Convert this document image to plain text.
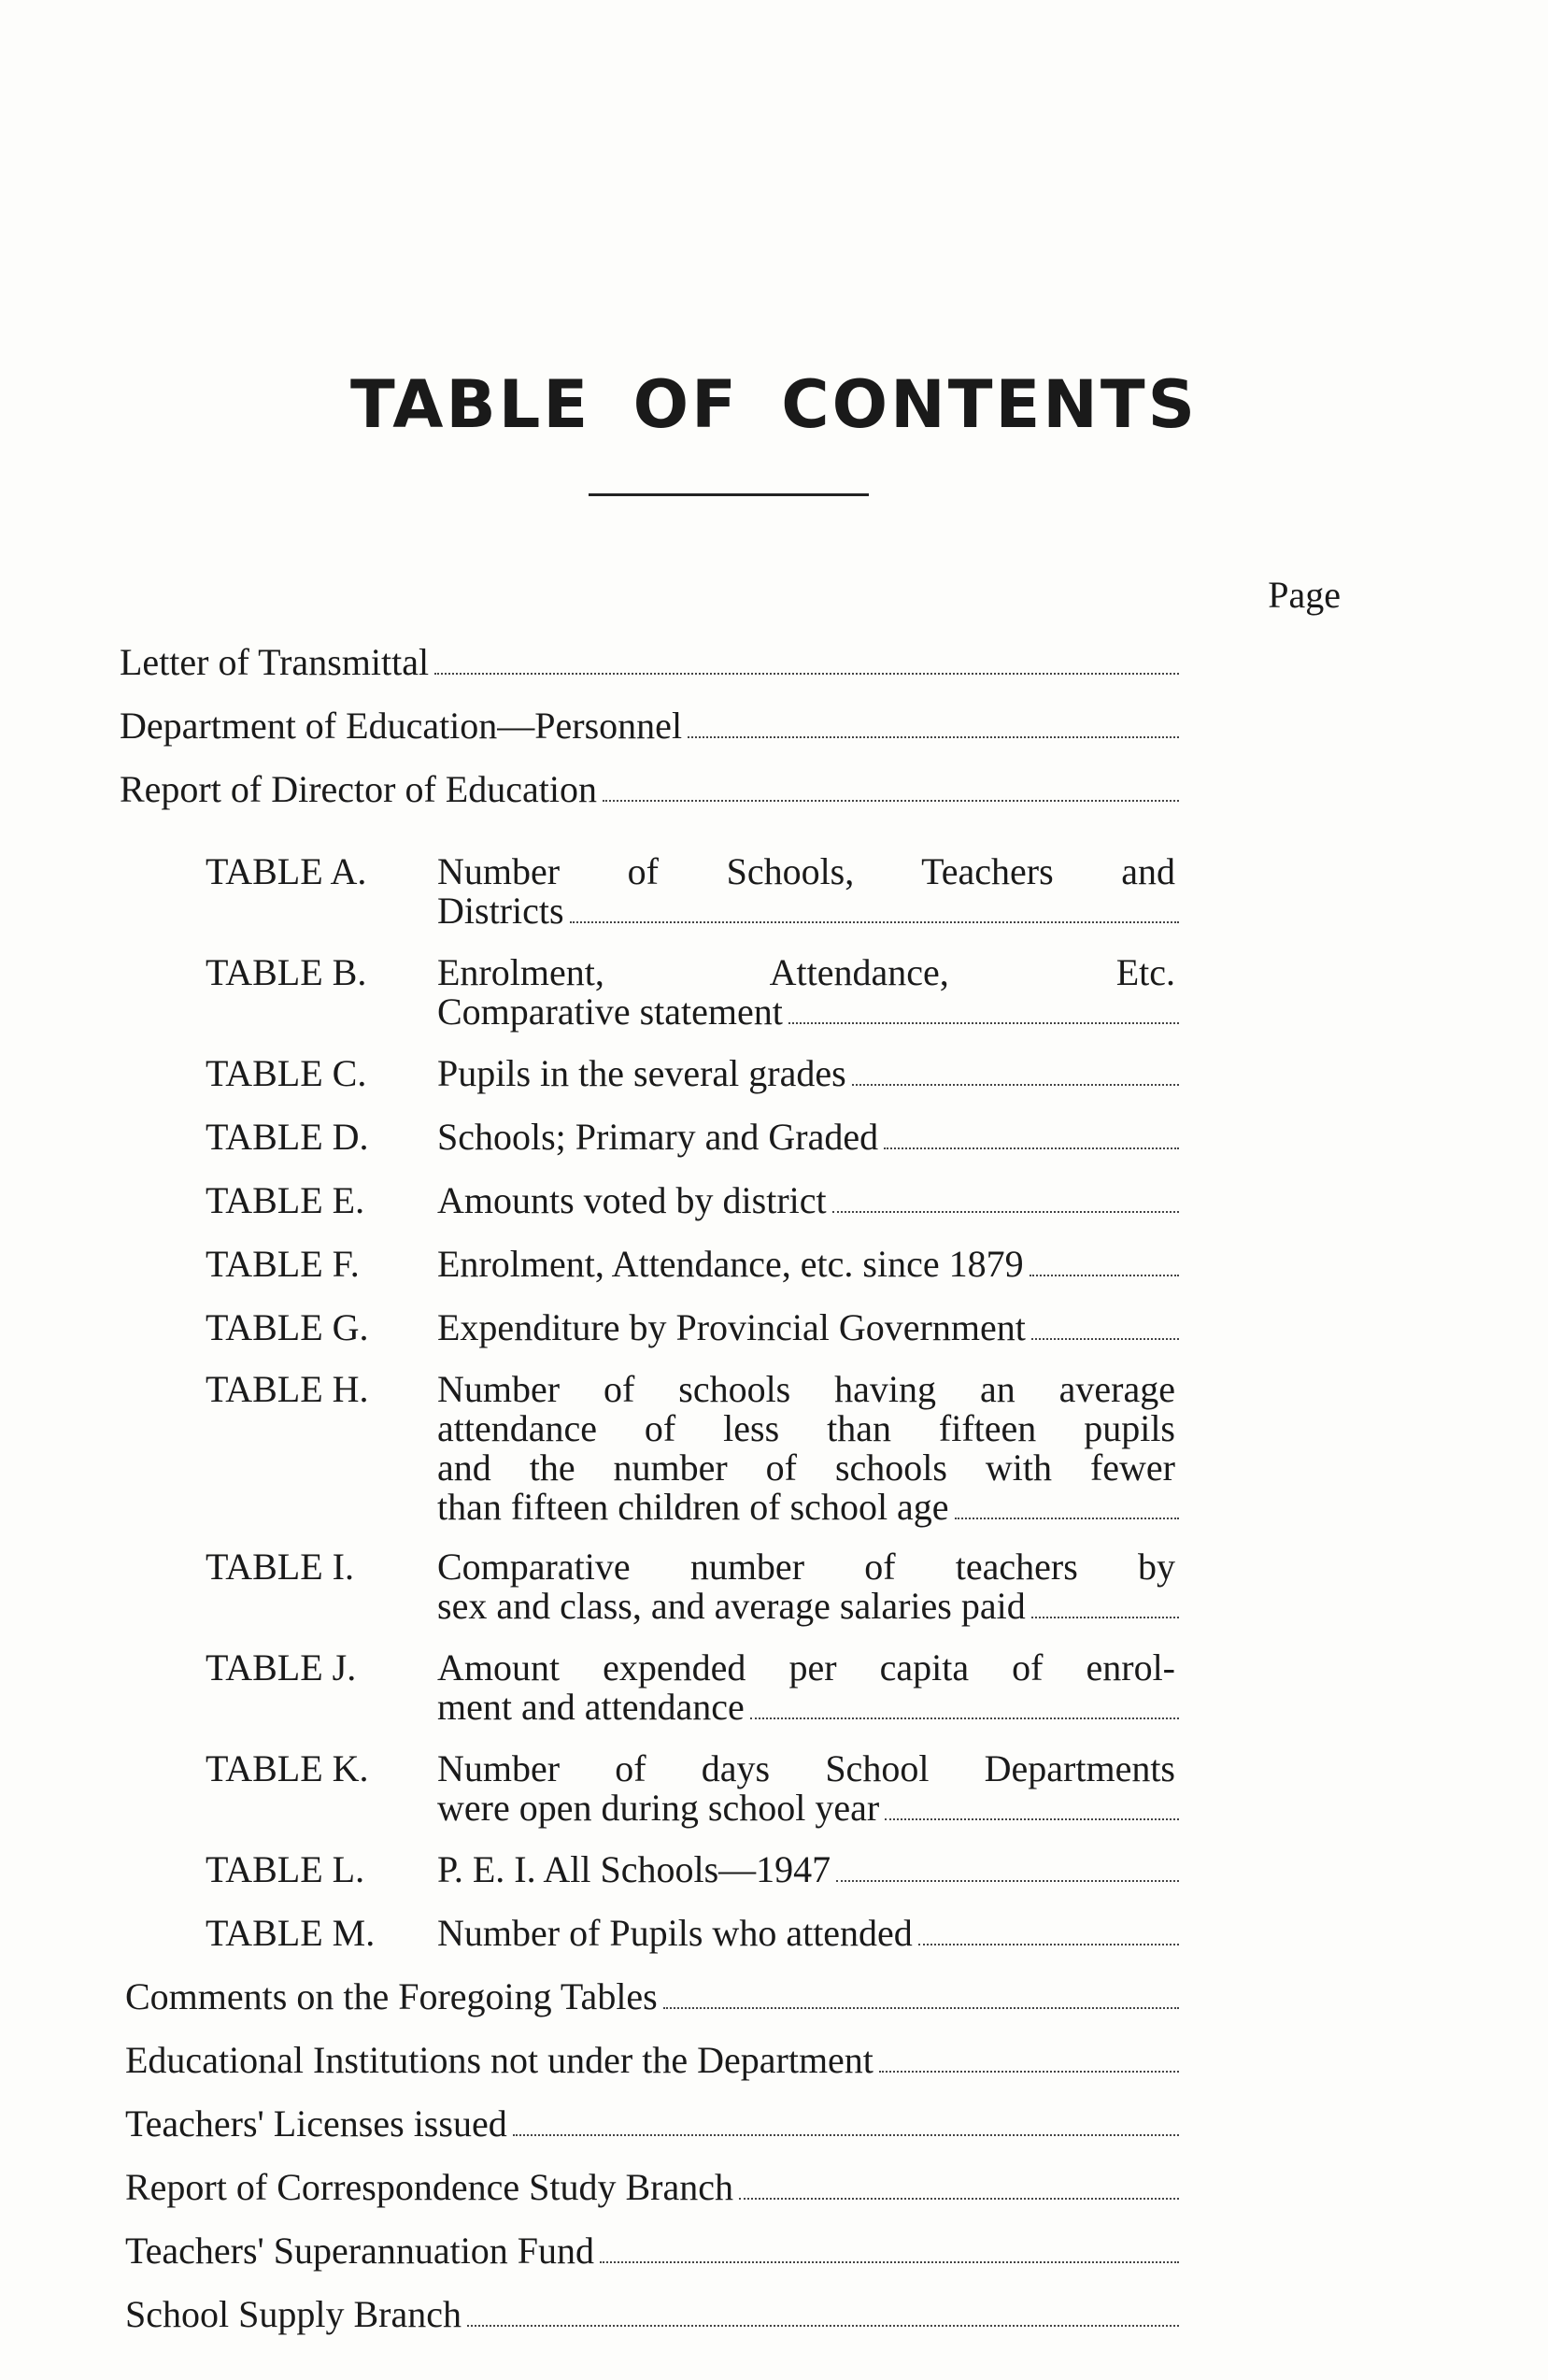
TABLE OF CONTENTS
Page
Letter of Transmittal
Department of Education—Personnel
Report of Director of Education
TABLE A. Number of Schools, Teachers and
Districts
TABLE B. Enrolment, Attendance, Etc.
Comparative statement
TABLE C. Pupils in the several grades
TABLE D. Schools; Primary and Graded
TABLE E. Amounts voted by district
TABLE F. Enrolment, Attendance, etc. since 1879
TABLE G. Expenditure by Provincial Government
TABLE H. Number of schools having an average
attendance of less than fifteen pupils
and the number of schools with fewer
than fifteen children of school age
TABLE I. Comparative number of teachers by
sex and class, and average salaries paid
TABLE J. Amount expended per capita of enrol-
ment and attendance
TABLE K. Number of days School Departments
were open during school year
TABLE L. P. E. I. All Schools—1947
TABLE M. Number of Pupils who attended
Comments on the Foregoing Tables
Educational Institutions not under the Department
Teachers' Licenses issued
Report of Correspondence Study Branch
Teachers' Superannuation Fund
School Supply Branch
